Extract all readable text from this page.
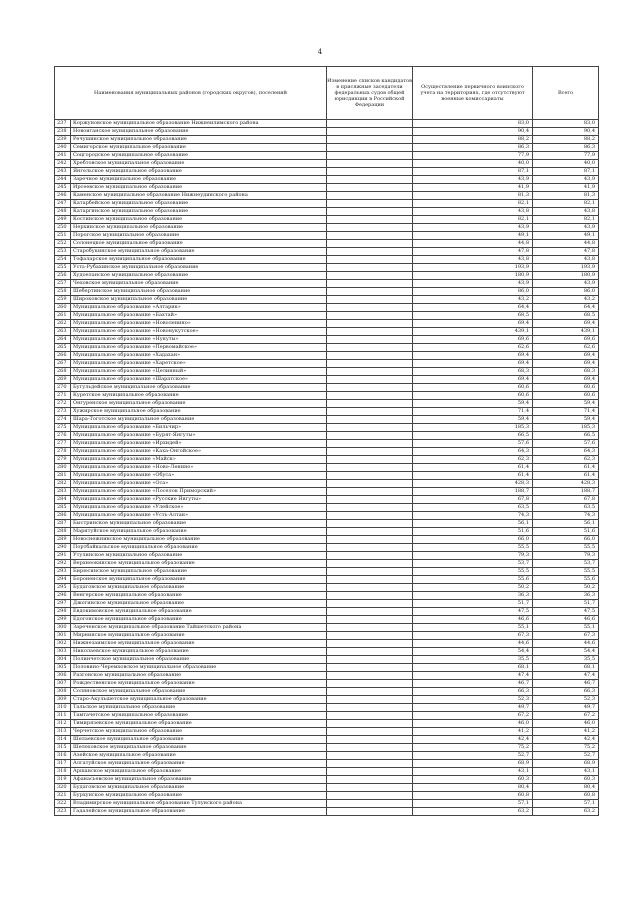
4
Наименования муниципальных районов (городских округов), поселений		Изменение списков кандидатов в присяжные заседатели федеральных судов общей юрисдикции в Российской Федерации	Осуществление первичного воинского учета на территориях, где отсутствуют военные комиссариаты	Всего
237	Коржуновское муниципальное образование Нижнеилимского района		83,0	83,0
238	Новоиганское муниципальное образование		90,4	90,4
239	Речушинское муниципальное образование		88,2	88,2
240	Семигорское муниципальное образование		86,3	86,3
241	Соцгородское муниципальное образование		77,9	77,9
242	Хребтовское муниципальное образование		40,0	40,0
243	Янгельское муниципальное образование		87,1	87,1
244	Заречное муниципальное образование		43,9	43,9
245	Ирсеевское муниципальное образование		41,9	41,9
246	Каменское муниципальное образование Нижнеудинского района		81,3	81,3
247	Катарбейское муниципальное образование		82,1	82,1
248	Катаргинское муниципальное образование		43,8	43,8
249	Костинское муниципальное образование		82,1	82,1
250	Нерхинское муниципальное образование		43,9	43,9
251	Порогское муниципальное образование		49,1	49,1
252	Солонецкое муниципальное образование		44,8	44,8
253	Старобукинское муниципальное образование		47,8	47,8
254	Тофаларское муниципальное образование		43,8	43,8
255	Усть-Рубахинское муниципальное образование		193,9	193,9
256	Худоеланское муниципальное образование		180,9	180,9
257	Чеховское муниципальное образование		43,9	43,9
258	Шебертинское муниципальное образование		86,0	86,0
259	Широковское муниципальное образование		43,2	43,2
260	Муниципальное образование «Алтарик»		64,4	64,4
261	Муниципальное образование «Бахтай»		68,5	68,5
262	Муниципальное образование «Новоленино»		69,4	69,4
263	Муниципальное образование «Новонукутское»		439,1	439,1
264	Муниципальное образование «Нукуты»		69,6	69,6
265	Муниципальное образование «Первомайское»		62,6	62,6
266	Муниципальное образование «Хадахан»		69,4	69,4
267	Муниципальное образование «Харетское»		69,4	69,4
268	Муниципальное образование «Целинный»		68,3	68,3
269	Муниципальное образование «Шаратское»		69,4	69,4
270	Бугульдейское муниципальное образование		60,6	60,6
271	Куретское муниципальное образование		60,6	60,6
272	Онгуренское муниципальное образование		59,4	59,4
273	Хужирское муниципальное образование		71,4	71,4
274	Шара-Тоготское муниципальное образование		59,4	59,4
275	Муниципальное образование «Бильчир»		185,3	185,3
276	Муниципальное образование «Бурят-Янгуты»		66,5	66,5
277	Муниципальное образование «Ирхидей»		57,6	57,6
278	Муниципальное образование «Каха-Онгойское»		64,3	64,3
279	Муниципальное образование «Майск»		62,3	62,3
280	Муниципальное образование «Ново-Ленино»		61,4	61,4
281	Муниципальное образование «Обуса»		61,4	61,4
282	Муниципальное образование «Оса»		428,3	428,3
283	Муниципальное образование «Поселок Приморский»		188,7	188,7
284	Муниципальное образование «Русские Янгуты»		67,8	67,8
285	Муниципальное образование «Улейское»		63,5	63,5
286	Муниципальное образование «Усть-Алтан»		74,3	74,3
287	Быстринское муниципальное образование		56,1	56,1
288	Маритуйское муниципальное образование		51,6	51,6
289	Новоснежнинское муниципальное образование		66,0	66,0
290	Портбайкальское муниципальное образование		55,5	55,5
291	Утулинское муниципальное образование		79,3	79,3
292	Верхнеокинское муниципальное образование		53,7	53,7
293	Бирюсинское муниципальное образование		55,5	55,5
294	Бороненское муниципальное образование		55,6	55,6
295	Будаговское муниципальное образование		50,2	50,2
296	Венгерское муниципальное образование		36,3	36,3
297	Джогинское муниципальное образование		51,7	51,7
298	Евдокимовское муниципальное образование		47,5	47,5
299	Едогонское муниципальное образование		46,6	46,6
300	Зареченское муниципальное образование Тайшетского района		55,1	55,1
301	Мирнинское муниципальное образование		67,3	67,3
302	Нижнезаимское муниципальное образование		44,6	44,6
303	Николаевское муниципальное образование		54,4	54,4
304	Полинчетское муниципальное образование		35,5	35,5
305	Половино-Черемховское муниципальное образование		68,1	68,1
306	Разгонское муниципальное образование		47,4	47,4
307	Рождественское муниципальное образование		46,7	46,7
308	Соляновское муниципальное образование		66,3	66,3
309	Старо-Акульшетское муниципальное образование		52,3	52,3
310	Тальское муниципальное образование		49,7	49,7
311	Тамтачетское муниципальное образование		67,2	67,2
312	Тимирязевское муниципальное образование		46,0	46,0
313	Черчетское муниципальное образование		41,2	41,2
314	Шелаевское муниципальное образование		42,4	42,4
315	Шелеховское муниципальное образование		75,2	75,2
316	Азейское муниципальное образование		52,7	52,7
317	Алгатуйское муниципальное образование		68,9	68,9
318	Аршанское муниципальное образование		43,1	43,1
319	Афанасьевское муниципальное образование		60,3	60,3
320	Будаговское муниципальное образование		80,4	80,4
321	Бурхунское муниципальное образование		60,8	60,8
322	Владимирское муниципальное образование Тулунского района		57,1	57,1
323	Гадалейское муниципальное образование		63,2	63,2
